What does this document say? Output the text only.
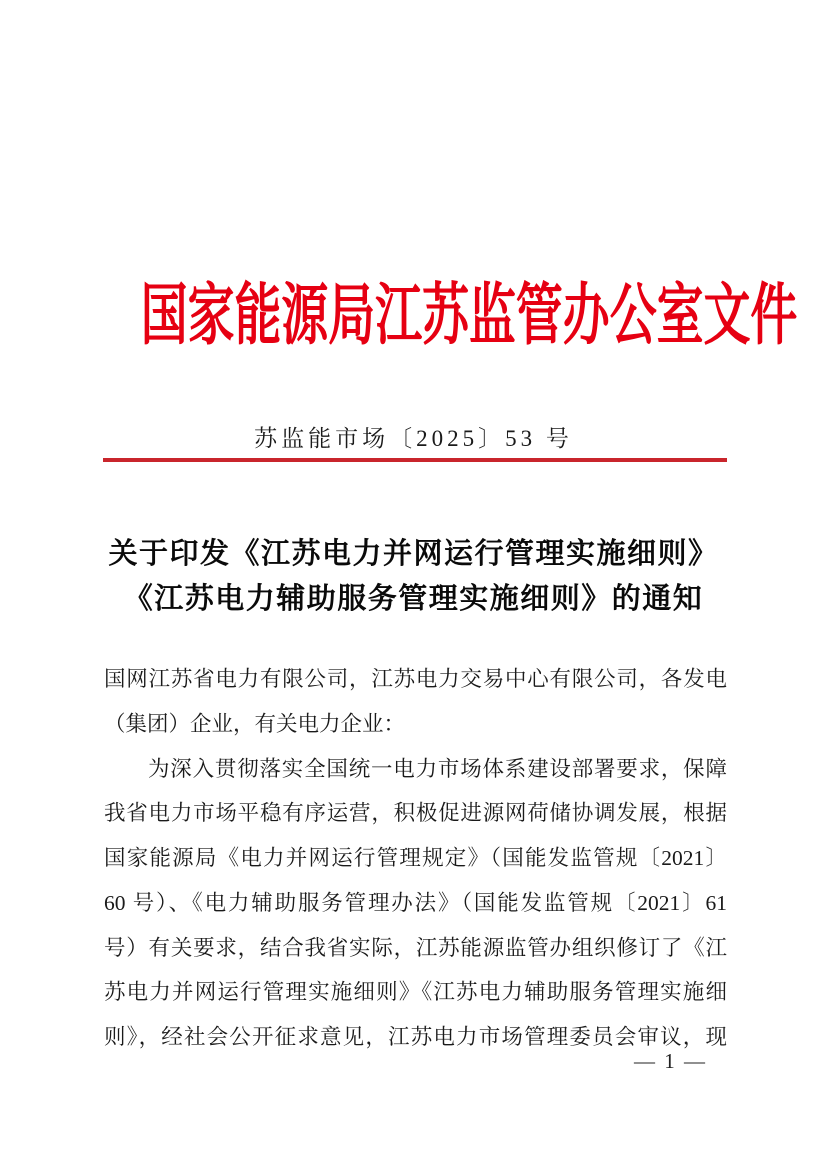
国家能源局江苏监管办公室文件
苏监能市场〔2025〕53 号
关于印发《江苏电力并网运行管理实施细则》
《江苏电力辅助服务管理实施细则》的通知
国网江苏省电力有限公司，江苏电力交易中心有限公司，各发电
（集团）企业，有关电力企业：
为深入贯彻落实全国统一电力市场体系建设部署要求，保障
我省电力市场平稳有序运营，积极促进源网荷储协调发展，根据
国家能源局《电力并网运行管理规定》（国能发监管规〔2021〕
60 号）、《电力辅助服务管理办法》（国能发监管规〔2021〕61
号）有关要求，结合我省实际，江苏能源监管办组织修订了《江
苏电力并网运行管理实施细则》《江苏电力辅助服务管理实施细
则》，经社会公开征求意见，江苏电力市场管理委员会审议，现
— 1 —
